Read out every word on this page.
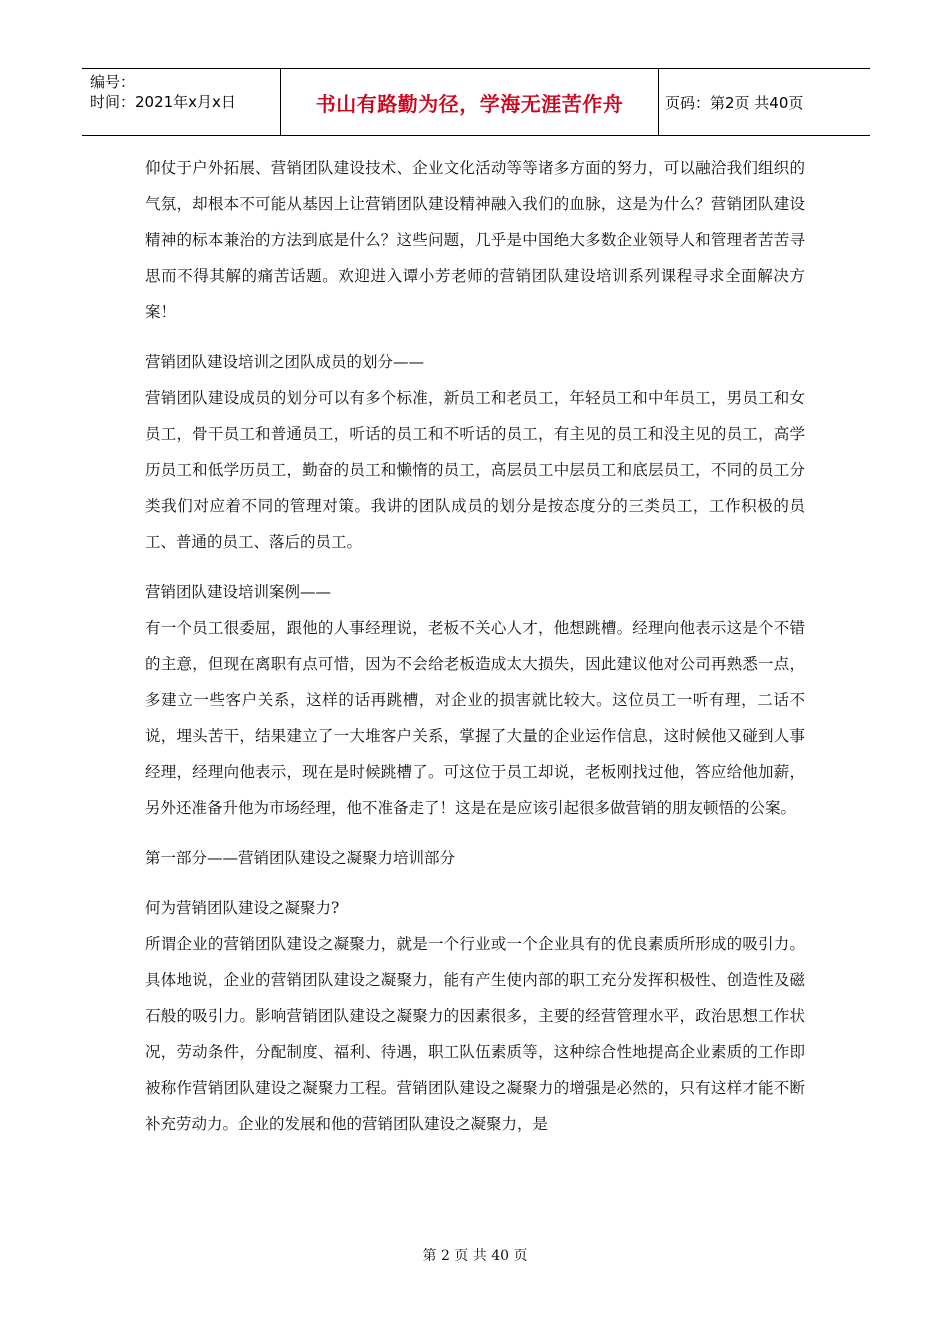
编号：
时间：2021年x月x日	书山有路勤为径，学海无涯苦作舟	页码：第2页 共40页

仰仗于户外拓展、营销团队建设技术、企业文化活动等等诸多方面的努力，可以融洽我们组织的气氛，却根本不可能从基因上让营销团队建设精神融入我们的血脉，这是为什么？营销团队建设精神的标本兼治的方法到底是什么？这些问题，几乎是中国绝大多数企业领导人和管理者苦苦寻思而不得其解的痛苦话题。欢迎进入谭小芳老师的营销团队建设培训系列课程寻求全面解决方案！

营销团队建设培训之团队成员的划分——

营销团队建设成员的划分可以有多个标准，新员工和老员工，年轻员工和中年员工，男员工和女员工，骨干员工和普通员工，听话的员工和不听话的员工，有主见的员工和没主见的员工，高学历员工和低学历员工，勤奋的员工和懒惰的员工，高层员工中层员工和底层员工，不同的员工分类我们对应着不同的管理对策。我讲的团队成员的划分是按态度分的三类员工，工作积极的员工、普通的员工、落后的员工。

营销团队建设培训案例——

有一个员工很委屈，跟他的人事经理说，老板不关心人才，他想跳槽。经理向他表示这是个不错的主意，但现在离职有点可惜，因为不会给老板造成太大损失，因此建议他对公司再熟悉一点，多建立一些客户关系，这样的话再跳槽，对企业的损害就比较大。这位员工一听有理，二话不说，埋头苦干，结果建立了一大堆客户关系，掌握了大量的企业运作信息，这时候他又碰到人事经理，经理向他表示，现在是时候跳槽了。可这位于员工却说，老板刚找过他，答应给他加薪，另外还准备升他为市场经理，他不准备走了！这是在是应该引起很多做营销的朋友顿悟的公案。

第一部分——营销团队建设之凝聚力培训部分

何为营销团队建设之凝聚力?

所谓企业的营销团队建设之凝聚力，就是一个行业或一个企业具有的优良素质所形成的吸引力。具体地说，企业的营销团队建设之凝聚力，能有产生使内部的职工充分发挥积极性、创造性及磁石般的吸引力。影响营销团队建设之凝聚力的因素很多，主要的经营管理水平，政治思想工作状况，劳动条件，分配制度、福利、待遇，职工队伍素质等，这种综合性地提高企业素质的工作即被称作营销团队建设之凝聚力工程。营销团队建设之凝聚力的增强是必然的，只有这样才能不断补充劳动力。企业的发展和他的营销团队建设之凝聚力，是

第 2 页 共 40 页
